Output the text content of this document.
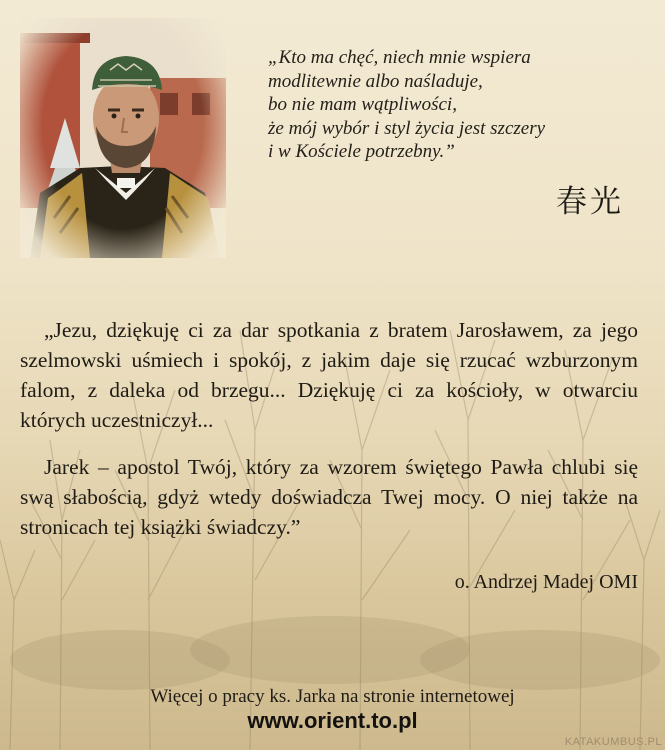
„Kto ma chęć, niech mnie wspiera
modlitewnie albo naśladuje,
bo nie mam wątpliwości,
że mój wybór i styl życia jest szczery
i w Kościele potrzebny.”
春光

„Jezu, dziękuję ci za dar spotkania z bratem Jarosławem, za jego szelmowski uśmiech i spokój, z jakim daje się rzucać wzburzonym falom, z daleka od brzegu... Dziękuję ci za kościoły, w otwarciu których uczestniczył...

Jarek – apostol Twój, który za wzorem świętego Pawła chlubi się swą słabością, gdyż wtedy doświadcza Twej mocy. O niej także na stronicach tej książki świadczy.”

o. Andrzej Madej OMI
Więcej o pracy ks. Jarka na stronie internetowej
www.orient.to.pl
KATAKUMBUS.PL
